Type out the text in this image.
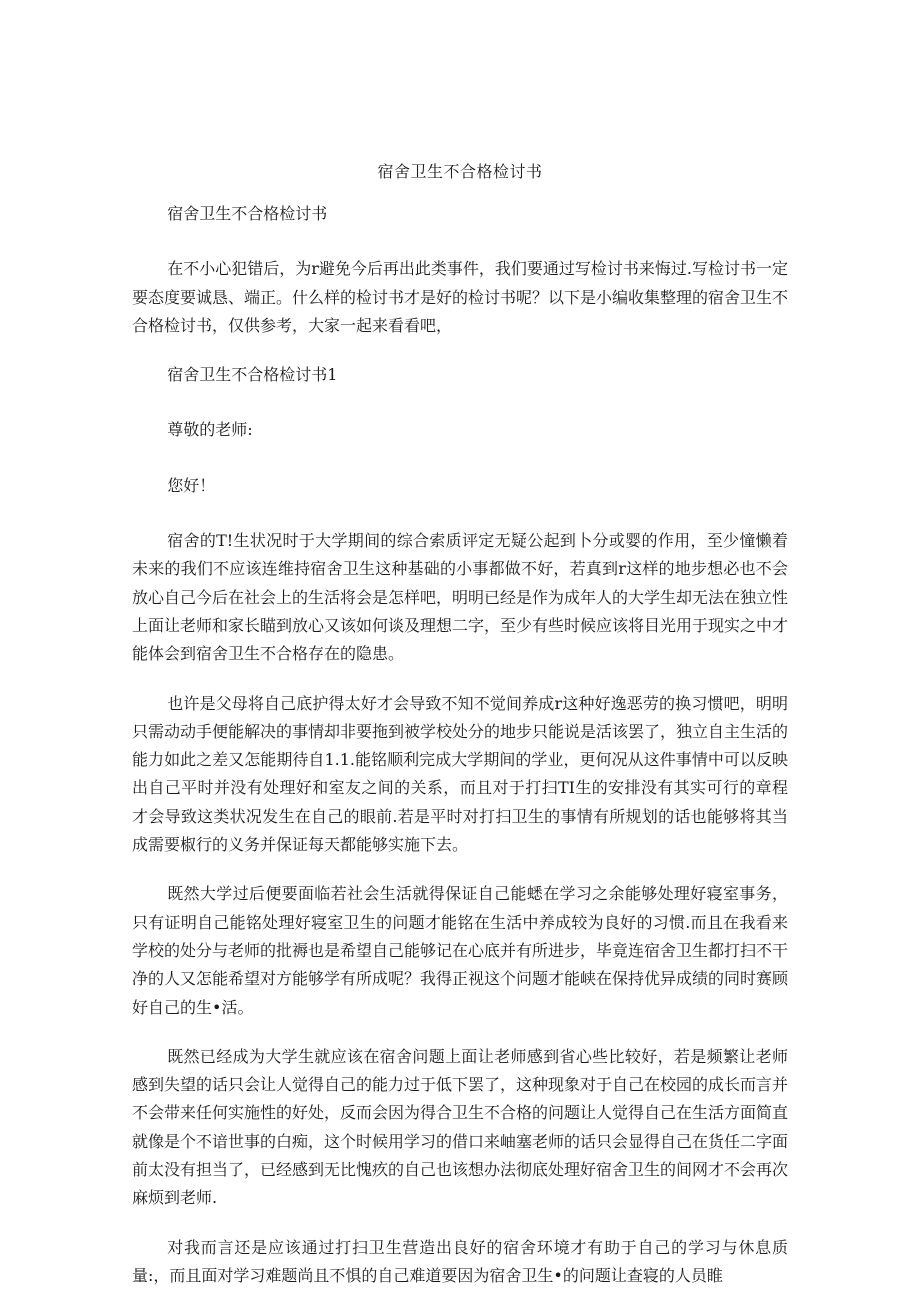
宿舍卫生不合格检讨书

宿舍卫生不合格检讨书

在不小心犯错后，为r避免今后再出此类事件，我们要通过写检讨书来悔过.写检讨书一定要态度要诚恳、端正。什么样的检讨书才是好的检讨书呢？以下是小编收集整理的宿舍卫生不合格检讨书，仅供参考，大家一起来看看吧，

宿舍卫生不合格检讨书1

尊敬的老师:

您好！

宿舍的T!生状况时于大学期间的综合索质评定无疑公起到卜分或婴的作用，至少憧懒着未来的我们不应该连维持宿舍卫生这种基础的小事都做不好，若真到r这样的地步想必也不会放心自己今后在社会上的生活将会是怎样吧，明明已经是作为成年人的大学生却无法在独立性上面让老师和家长瞄到放心又该如何谈及理想二字，至少有些时候应该将目光用于现实之中才能体会到宿舍卫生不合格存在的隐患。

也许是父母将自己底护得太好才会导致不知不觉间养成r这种好逸恶劳的换习惯吧，明明只需动动手便能解决的事情却非要拖到被学校处分的地步只能说是活该罢了，独立自主生活的能力如此之差又怎能期待自1.1.能铭顺利完成大学期间的学业，更何况从这件事情中可以反映出自己平时并没有处理好和室友之间的关系，而且对于打扫TI生的安排没有其实可行的章程才会导致这类状况发生在自己的眼前.若是平时对打扫卫生的事情有所规划的话也能够将其当成需要椒行的义务并保证每天都能够实施下去。

既然大学过后便要面临若社会生活就得保证自己能蟋在学习之余能够处理好寝室事务，只有证明自己能铭处理好寝室卫生的问题才能铭在生活中养成较为良好的习惯.而且在我看来学校的处分与老师的批褥也是希望自己能够记在心底并有所进步，毕竟连宿舍卫生都打扫不干净的人又怎能希望对方能够学有所成呢？我得正视这个问题才能峡在保持优异成绩的同时赛顾好自己的生•活。

既然已经成为大学生就应该在宿舍问题上面让老师感到省心些比较好，若是频繁让老师感到失望的话只会让人觉得自己的能力过于低下罢了，这种现象对于自己在校园的成长而言并不会带来任何实施性的好处，反而会因为得合卫生不合格的问题让人觉得自己在生活方面简直就像是个不谙世事的白痴，这个时候用学习的借口来岫塞老师的话只会显得自己在货任二字面前太没有担当了，已经感到无比愧疚的自己也该想办法彻底处理好宿舍卫生的间网才不会再次麻烦到老师.

对我而言还是应该通过打扫卫生营造出良好的宿舍环境才有助于自己的学习与休息质量:，而且面对学习难题尚且不惧的自己难道要因为宿舍卫生•的问题让查寝的人员睢
